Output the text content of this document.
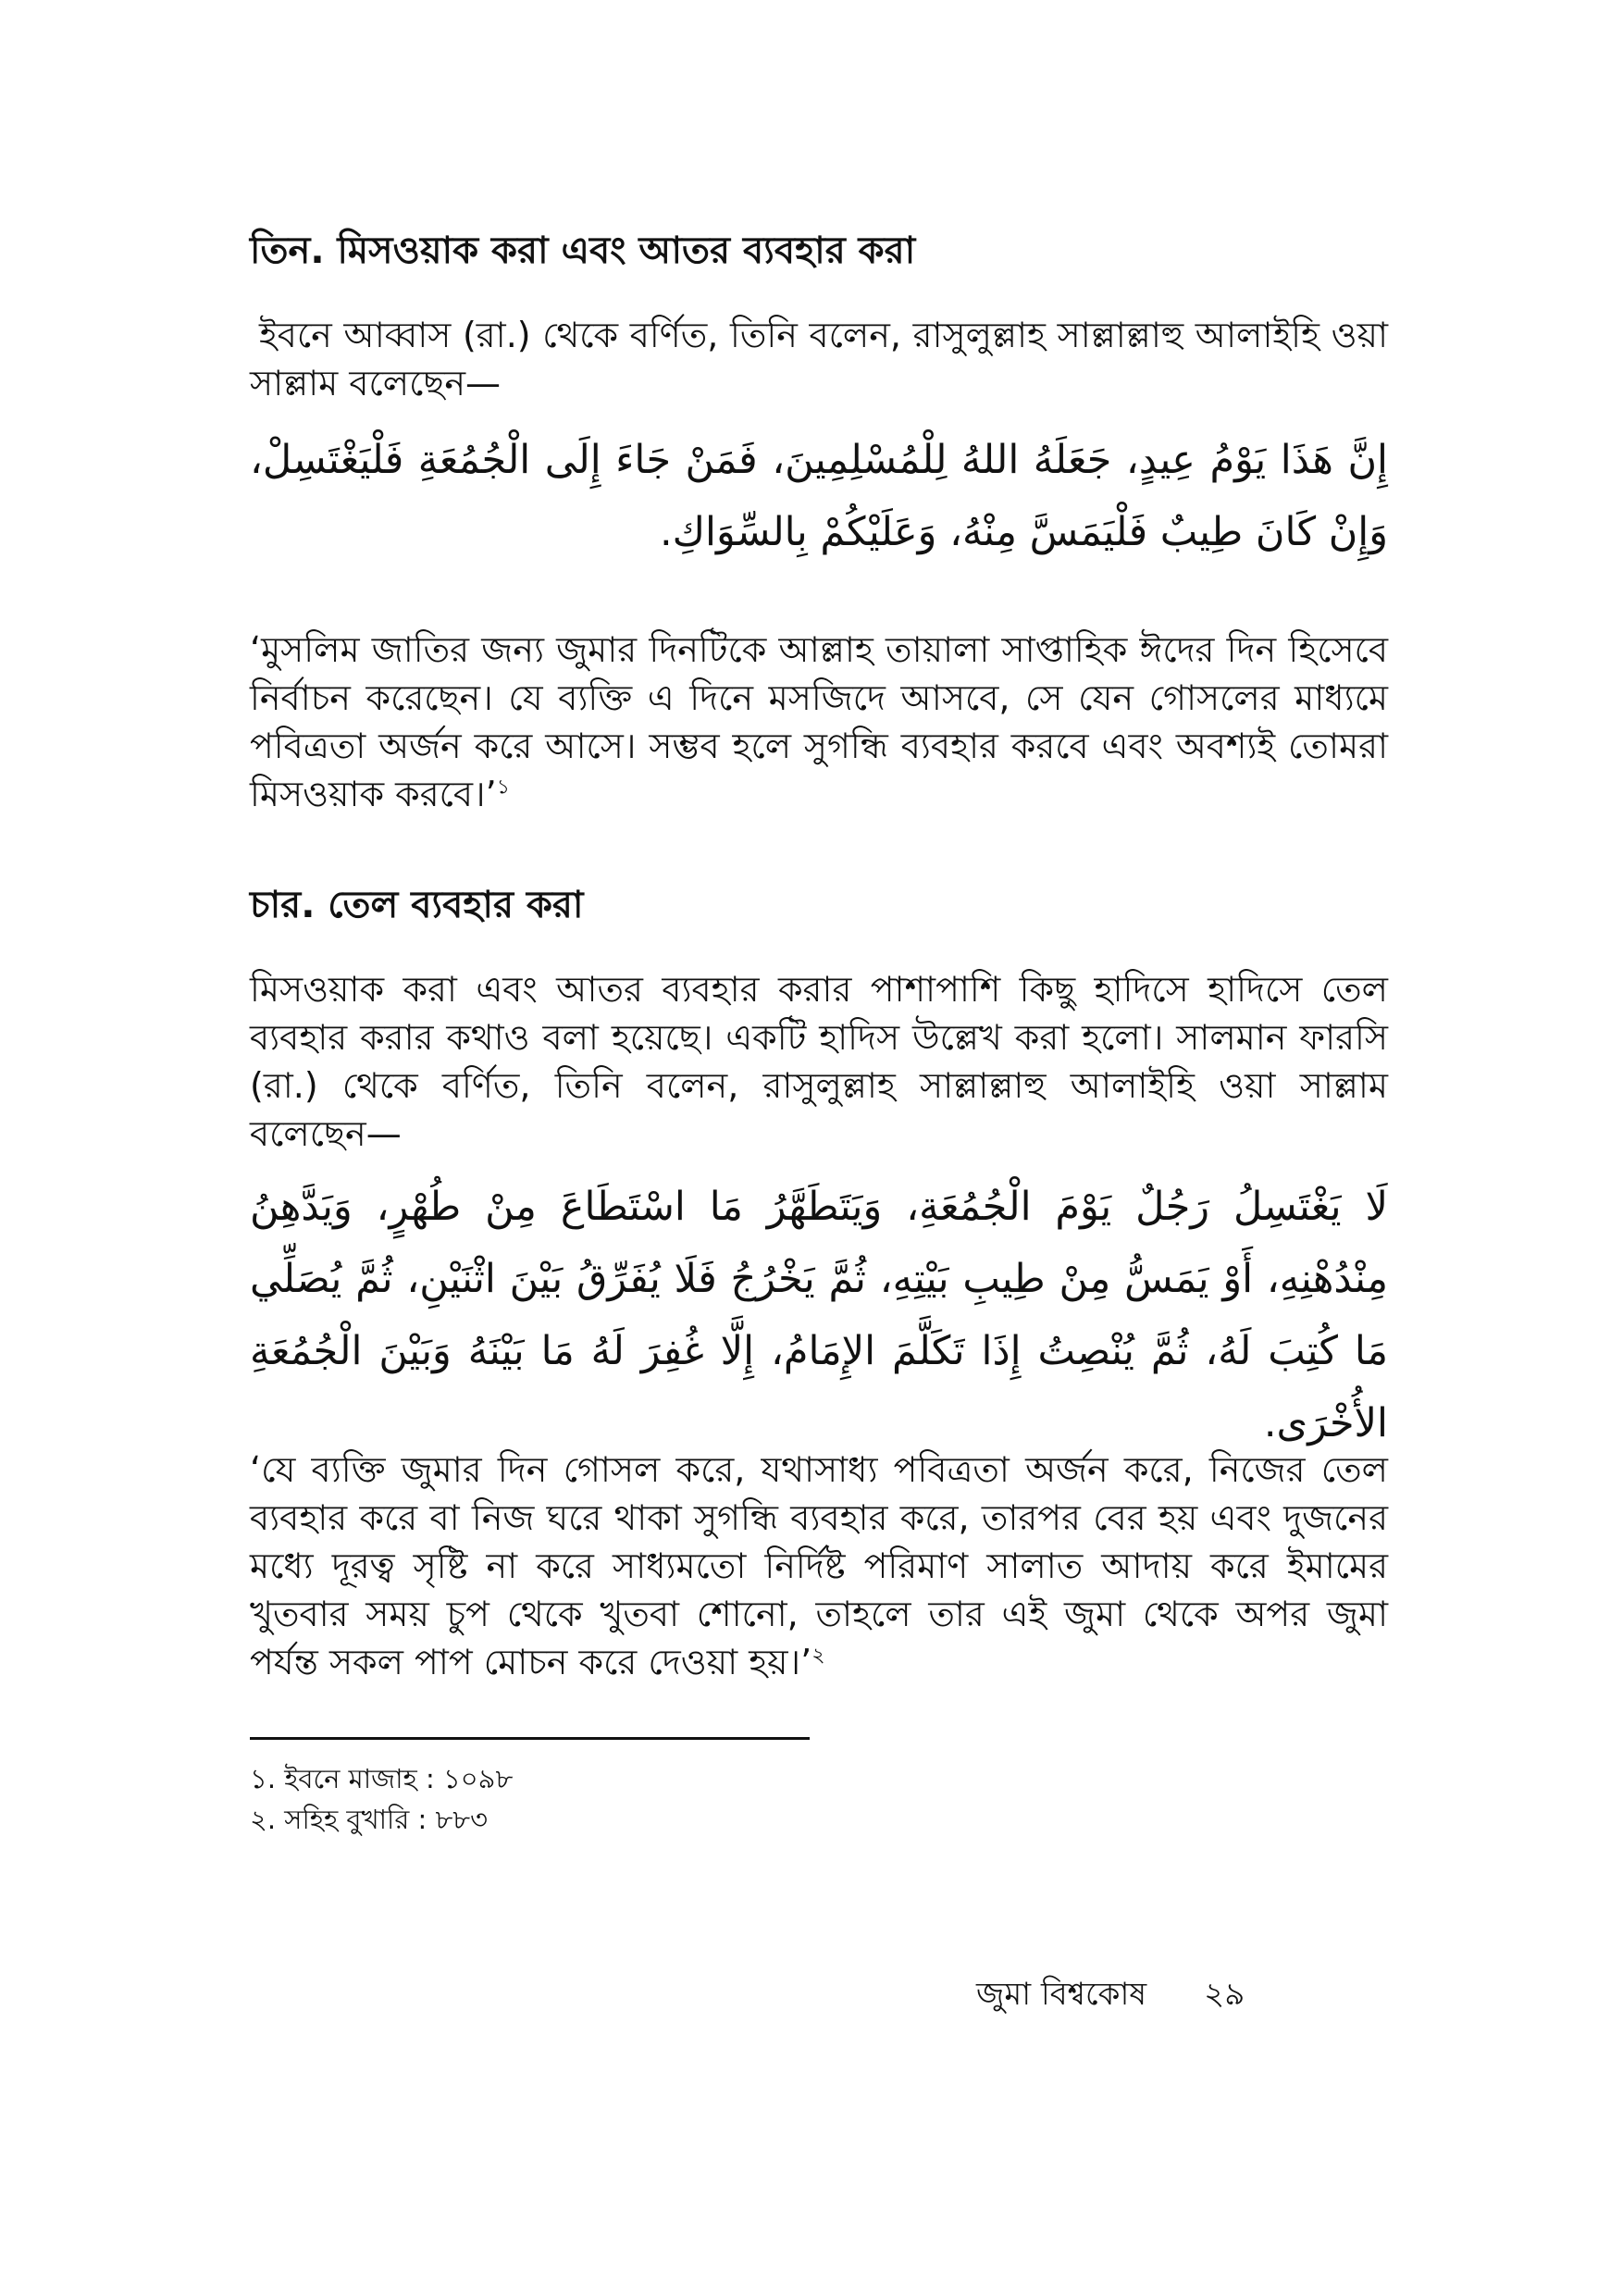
তিন. মিসওয়াক করা এবং আতর ব্যবহার করা

ইবনে আব্বাস (রা.) থেকে বর্ণিত, তিনি বলেন, রাসুলুল্লাহ সাল্লাল্লাহু আলাইহি ওয়া সাল্লাম বলেছেন—

إِنَّ هَذَا يَوْمُ عِيدٍ، جَعَلَهُ اللهُ لِلْمُسْلِمِينَ، فَمَنْ جَاءَ إِلَى الْجُمُعَةِ فَلْيَغْتَسِلْ، وَإِنْ كَانَ طِيبٌ فَلْيَمَسَّ مِنْهُ، وَعَلَيْكُمْ بِالسِّوَاكِ.

‘মুসলিম জাতির জন্য জুমার দিনটিকে আল্লাহ তায়ালা সাপ্তাহিক ঈদের দিন হিসেবে নির্বাচন করেছেন। যে ব্যক্তি এ দিনে মসজিদে আসবে, সে যেন গোসলের মাধ্যমে পবিত্রতা অর্জন করে আসে। সম্ভব হলে সুগন্ধি ব্যবহার করবে এবং অবশ্যই তোমরা মিসওয়াক করবে।’$^১$

চার. তেল ব্যবহার করা

মিসওয়াক করা এবং আতর ব্যবহার করার পাশাপাশি কিছু হাদিসে হাদিসে তেল ব্যবহার করার কথাও বলা হয়েছে। একটি হাদিস উল্লেখ করা হলো। সালমান ফারসি (রা.) থেকে বর্ণিত, তিনি বলেন, রাসুলুল্লাহ সাল্লাল্লাহু আলাইহি ওয়া সাল্লাম বলেছেন—

لَا يَغْتَسِلُ رَجُلٌ يَوْمَ الْجُمُعَةِ، وَيَتَطَهَّرُ مَا اسْتَطَاعَ مِنْ طُهْرٍ، وَيَدَّهِنُ مِنْدُهْنِهِ، أَوْ يَمَسُّ مِنْ طِيبِ بَيْتِهِ، ثُمَّ يَخْرُجُ فَلَا يُفَرِّقُ بَيْنَ اثْنَيْنِ، ثُمَّ يُصَلِّي مَا كُتِبَ لَهُ، ثُمَّ يُنْصِتُ إِذَا تَكَلَّمَ الإِمَامُ، إِلَّا غُفِرَ لَهُ مَا بَيْنَهُ وَبَيْنَ الْجُمُعَةِ الأُخْرَى.

‘যে ব্যক্তি জুমার দিন গোসল করে, যথাসাধ্য পবিত্রতা অর্জন করে, নিজের তেল ব্যবহার করে বা নিজ ঘরে থাকা সুগন্ধি ব্যবহার করে, তারপর বের হয় এবং দুজনের মধ্যে দূরত্ব সৃষ্টি না করে সাধ্যমতো নির্দিষ্ট পরিমাণ সালাত আদায় করে ইমামের খুতবার সময় চুপ থেকে খুতবা শোনো, তাহলে তার এই জুমা থেকে অপর জুমা পর্যন্ত সকল পাপ মোচন করে দেওয়া হয়।’$^২$

১. ইবনে মাজাহ : ১০৯৮

২. সহিহ বুখারি : ৮৮৩

জুমা বিশ্বকোষ ২৯
